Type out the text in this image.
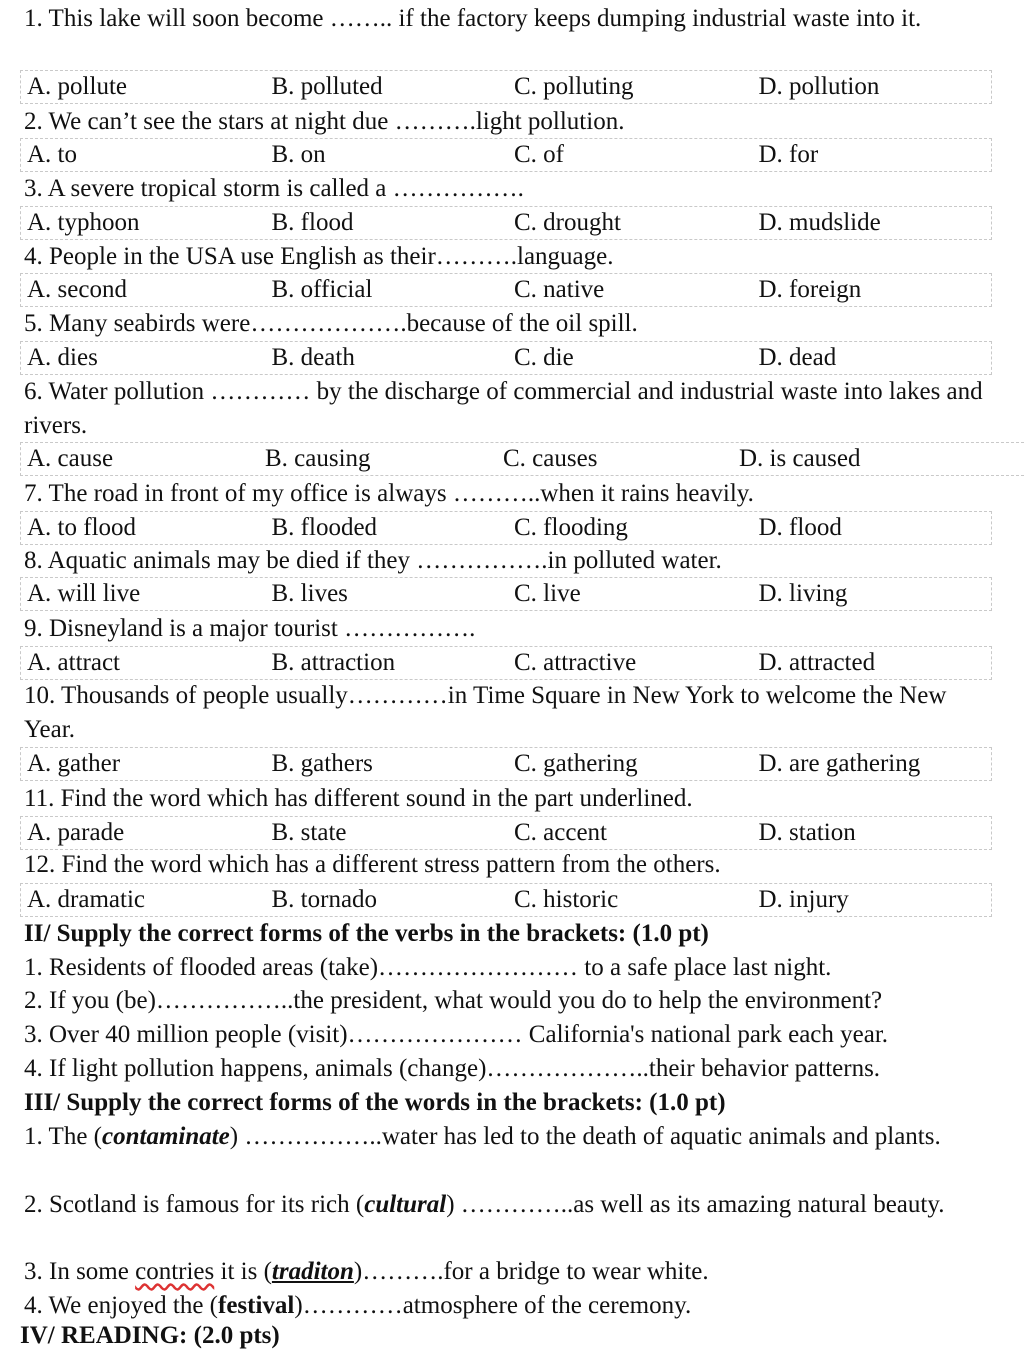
1. This lake will soon become …….. if the factory keeps dumping industrial waste into it.
A. pollute	B. polluted	C. polluting	D. pollution
2. We can’t see the stars at night due ……….light pollution.
A. to	B. on	C. of	D. for
3. A severe tropical storm is called a …………….
A. typhoon	B. flood	C. drought	D. mudslide
4. People in the USA use English as their……….language.
A. second	B. official	C. native	D. foreign
5. Many seabirds were……………….because of the oil spill.
A. dies	B. death	C. die	D. dead
6. Water pollution ………… by the discharge of commercial and industrial waste into lakes and rivers.
A. cause	B. causing	C. causes	D. is caused
7. The road in front of my office is always ………..when it rains heavily.
A. to flood	B. flooded	C. flooding	D. flood
8. Aquatic animals may be died if they …………….in polluted water.
A. will live	B. lives	C. live	D. living
9. Disneyland is a major tourist …………….
A. attract	B. attraction	C. attractive	D. attracted
10. Thousands of people usually…………in Time Square in New York to welcome the New Year.
A. gather	B. gathers	C. gathering	D. are gathering
11. Find the word which has different sound in the part underlined.
A. parade	B. state	C. accent	D. station
12. Find the word which has a different stress pattern from the others.
A. dramatic	B. tornado	C. historic	D. injury
II/ Supply the correct forms of the verbs in the brackets: (1.0 pt)
1. Residents of flooded areas (take)…………………… to a safe place last night.
2. If you (be)……………..the president, what would you do to help the environment?
3. Over 40 million people (visit)………………… California's national park each year.
4. If light pollution happens, animals (change)………………..their behavior patterns.
III/ Supply the correct forms of the words in the brackets: (1.0 pt)
1. The (contaminate) ……………..water has led to the death of aquatic animals and plants.
2. Scotland is famous for its rich (cultural) …………..as well as its amazing natural beauty.
3. In some contries it is (traditon)……….for a bridge to wear white.
4. We enjoyed the (festival)…………atmosphere of the ceremony.
IV/ READING: (2.0 pts)
